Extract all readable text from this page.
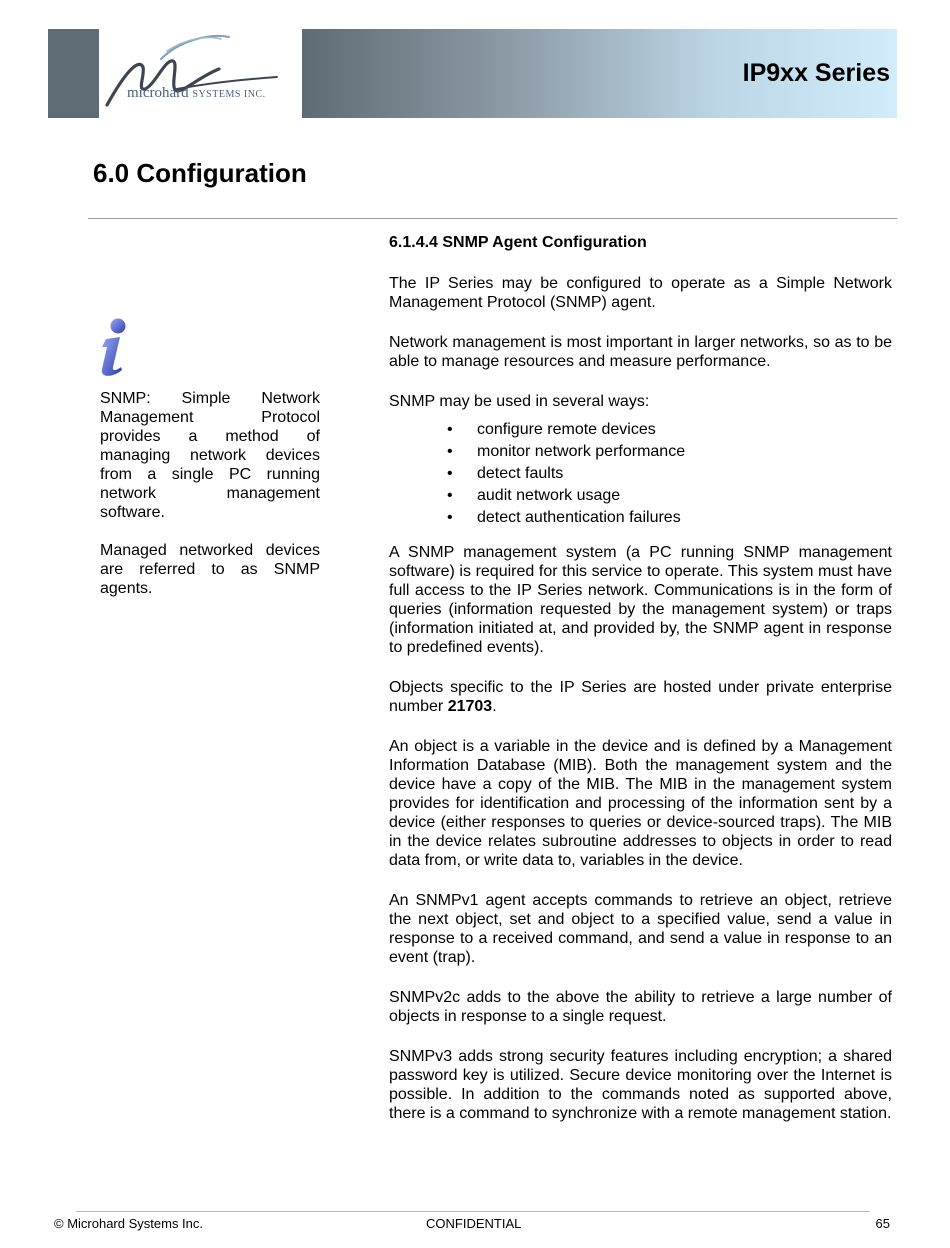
microhard SYSTEMS INC.
IP9xx Series
6.0 Configuration

SNMP: Simple Network Management Protocol provides a method of managing network devices from a single PC running network management software.

Managed networked devices are referred to as SNMP agents.

6.1.4.4 SNMP Agent Configuration

The IP Series may be configured to operate as a Simple Network Management Protocol (SNMP) agent.

Network management is most important in larger networks, so as to be able to manage resources and measure performance.

SNMP may be used in several ways:

• configure remote devices
• monitor network performance
• detect faults
• audit network usage
• detect authentication failures

A SNMP management system (a PC running SNMP management software) is required for this service to operate. This system must have full access to the IP Series network. Communications is in the form of queries (information requested by the management system) or traps (information initiated at, and provided by, the SNMP agent in response to predefined events).

Objects specific to the IP Series are hosted under private enterprise number 21703.

An object is a variable in the device and is defined by a Management Information Database (MIB). Both the management system and the device have a copy of the MIB. The MIB in the management system provides for identification and processing of the information sent by a device (either responses to queries or device-sourced traps). The MIB in the device relates subroutine addresses to objects in order to read data from, or write data to, variables in the device.

An SNMPv1 agent accepts commands to retrieve an object, retrieve the next object, set and object to a specified value, send a value in response to a received command, and send a value in response to an event (trap).

SNMPv2c adds to the above the ability to retrieve a large number of objects in response to a single request.

SNMPv3 adds strong security features including encryption; a shared password key is utilized. Secure device monitoring over the Internet is possible. In addition to the commands noted as supported above, there is a command to synchronize with a remote management station.

© Microhard Systems Inc.	CONFIDENTIAL	65
